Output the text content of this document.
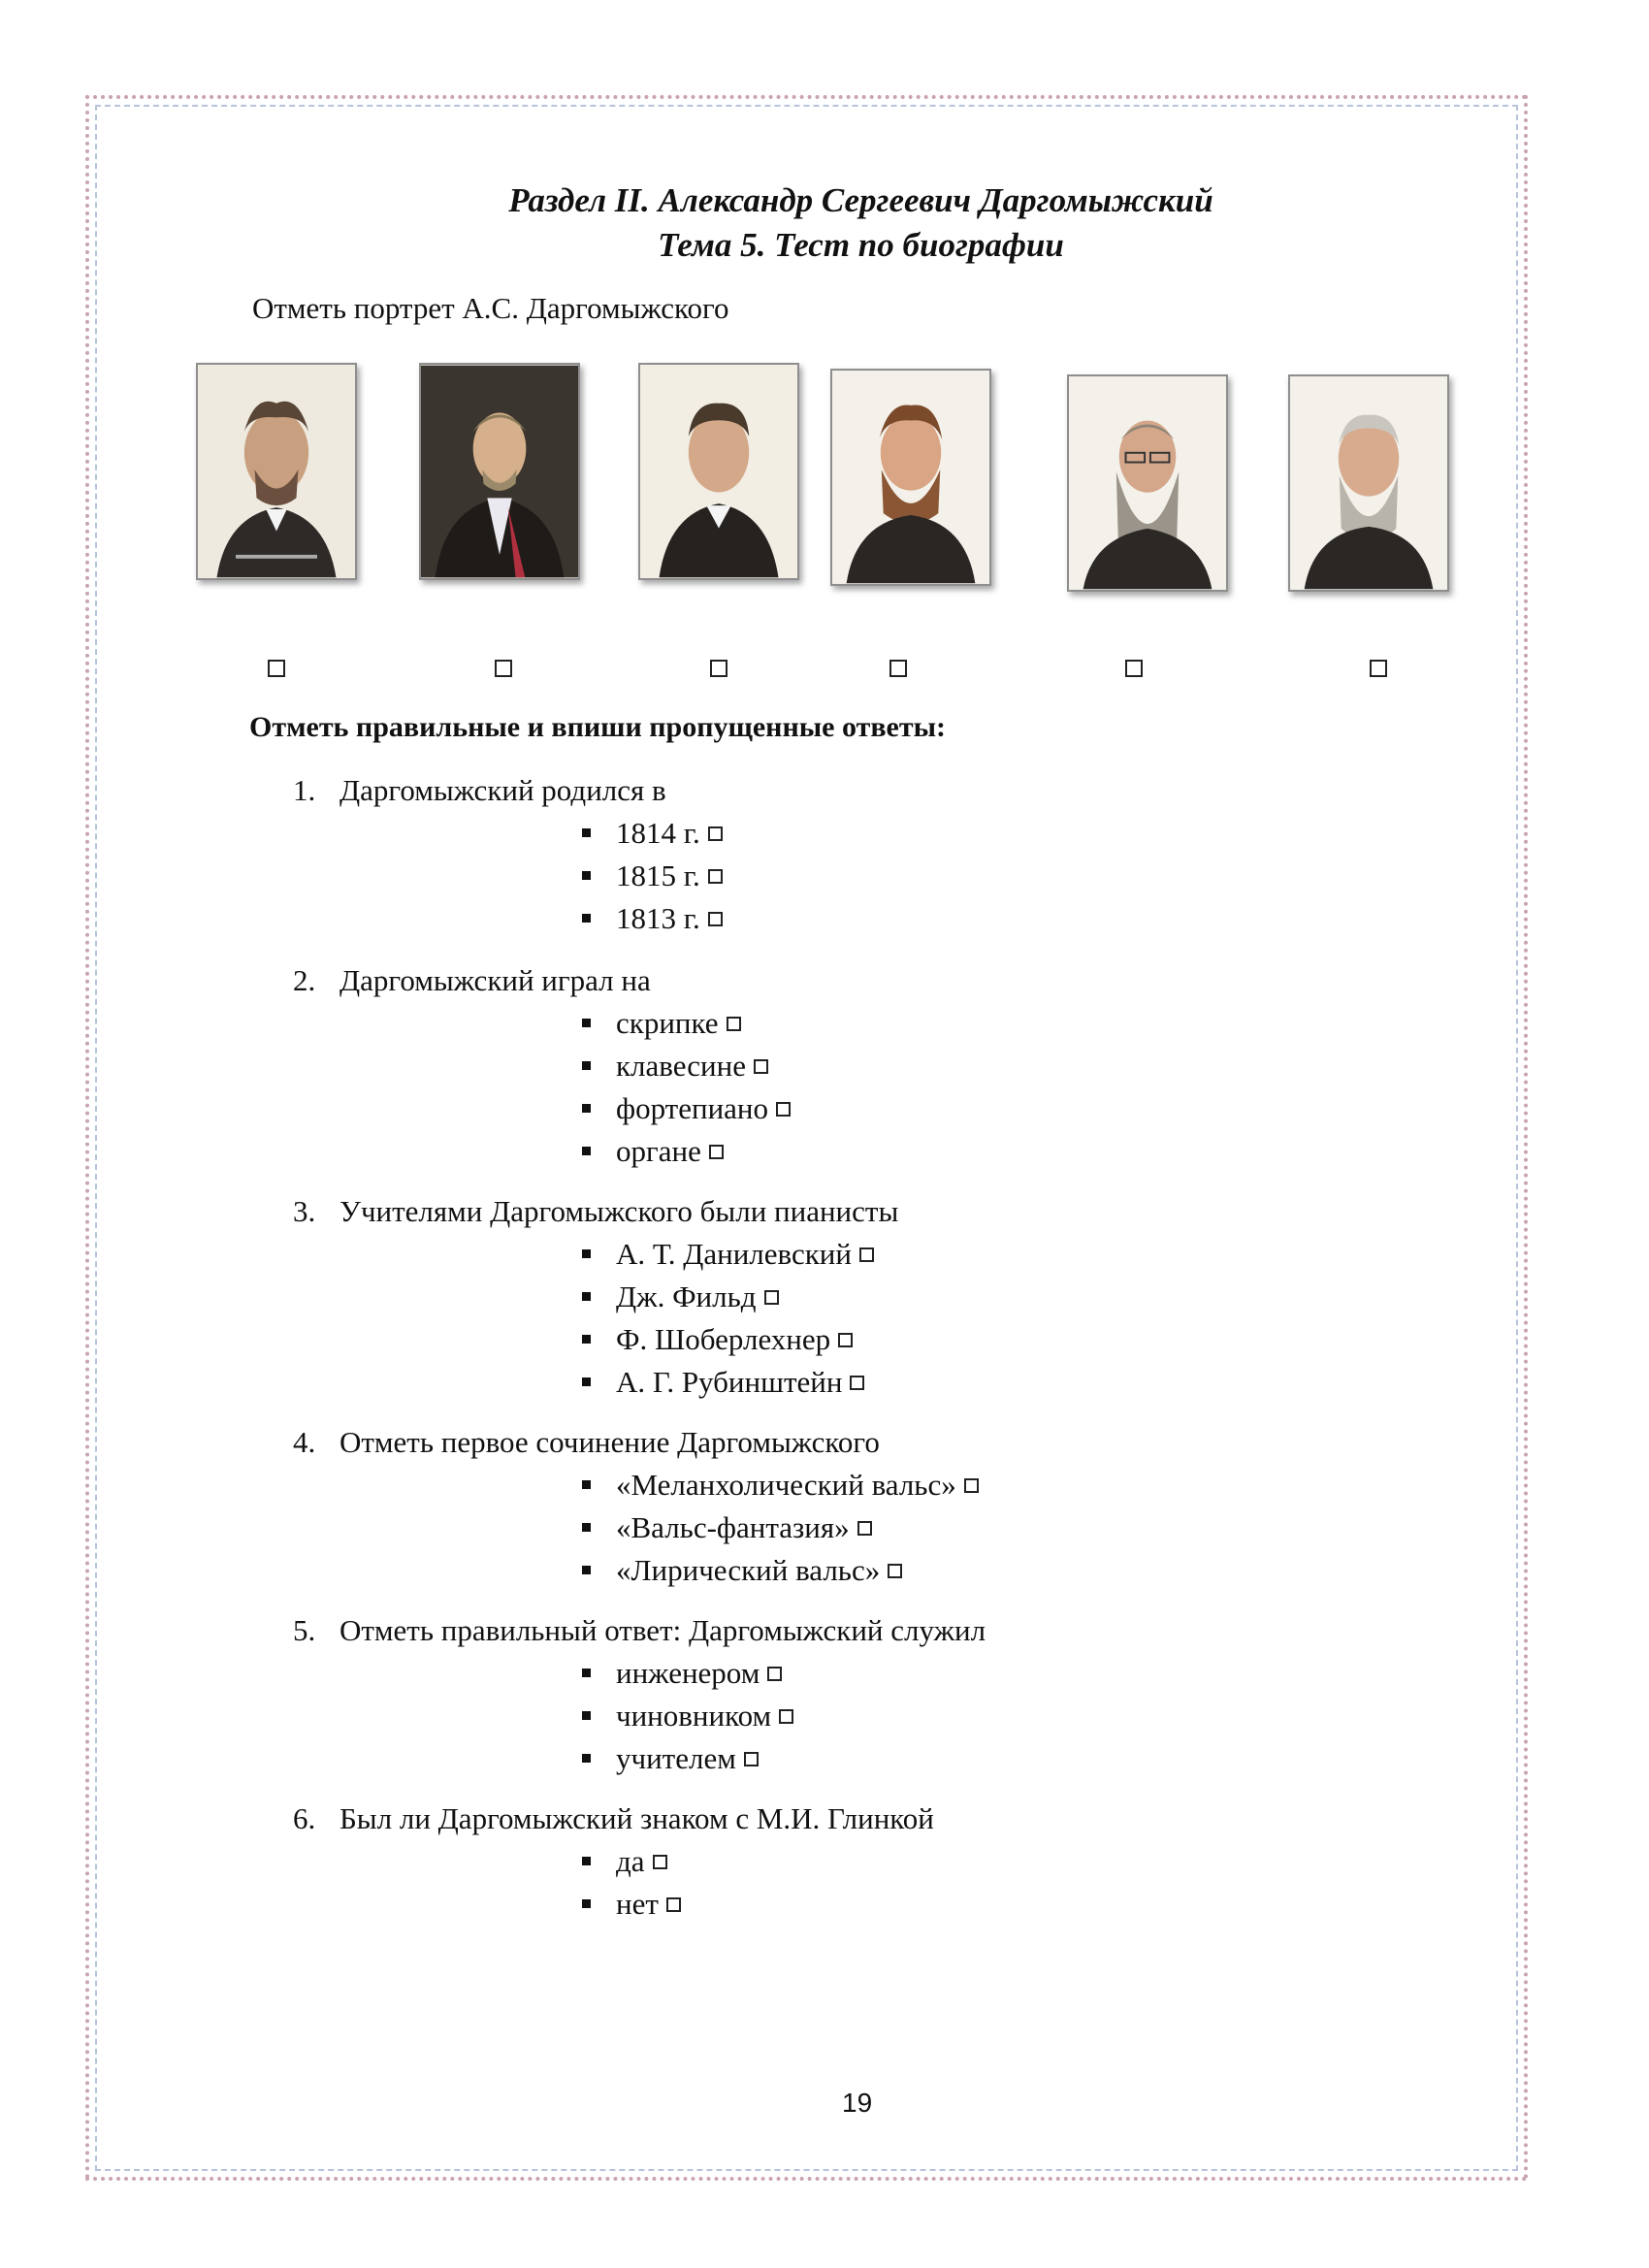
Раздел II. Александр Сергеевич Даргомыжский
Тема 5. Тест по биографии
Отметь портрет А.С. Даргомыжского
Отметь правильные и впиши пропущенные ответы:
1. Даргомыжский родился в
1814 г.
1815 г.
1813 г.
2. Даргомыжский играл на
скрипке
клавесине
фортепиано
органе
3. Учителями Даргомыжского были пианисты
А. Т. Данилевский
Дж. Фильд
Ф. Шоберлехнер
А. Г. Рубинштейн
4. Отметь первое сочинение Даргомыжского
«Меланхолический вальс»
«Вальс-фантазия»
«Лирический вальс»
5. Отметь правильный ответ: Даргомыжский служил
инженером
чиновником
учителем
6. Был ли Даргомыжский знаком с М.И. Глинкой
да
нет
19
